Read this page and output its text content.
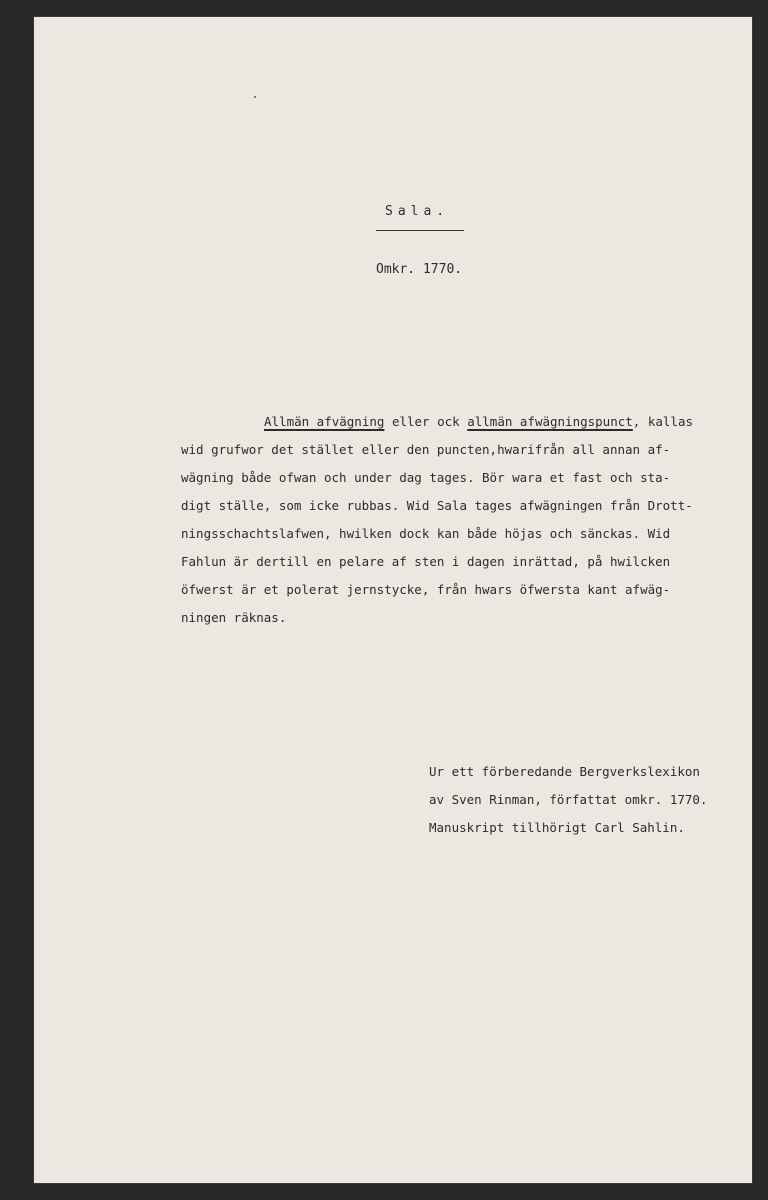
Sala.
Omkr. 1770.
Allmän afvägning eller ock allmän afwägningspunct, kallas
wid grufwor det stället eller den puncten,hwarifrån all annan af-
wägning både ofwan och under dag tages. Bör wara et fast och sta-
digt ställe, som icke rubbas. Wid Sala tages afwägningen från Drott-
ningsschachtslafwen, hwilken dock kan både höjas och sänckas. Wid
Fahlun är dertill en pelare af sten i dagen inrättad, på hwilcken
öfwerst är et polerat jernstycke, från hwars öfwersta kant afwäg-
ningen räknas.
Ur ett förberedande Bergverkslexikon
av Sven Rinman, författat omkr. 1770.
Manuskript tillhörigt Carl Sahlin.
